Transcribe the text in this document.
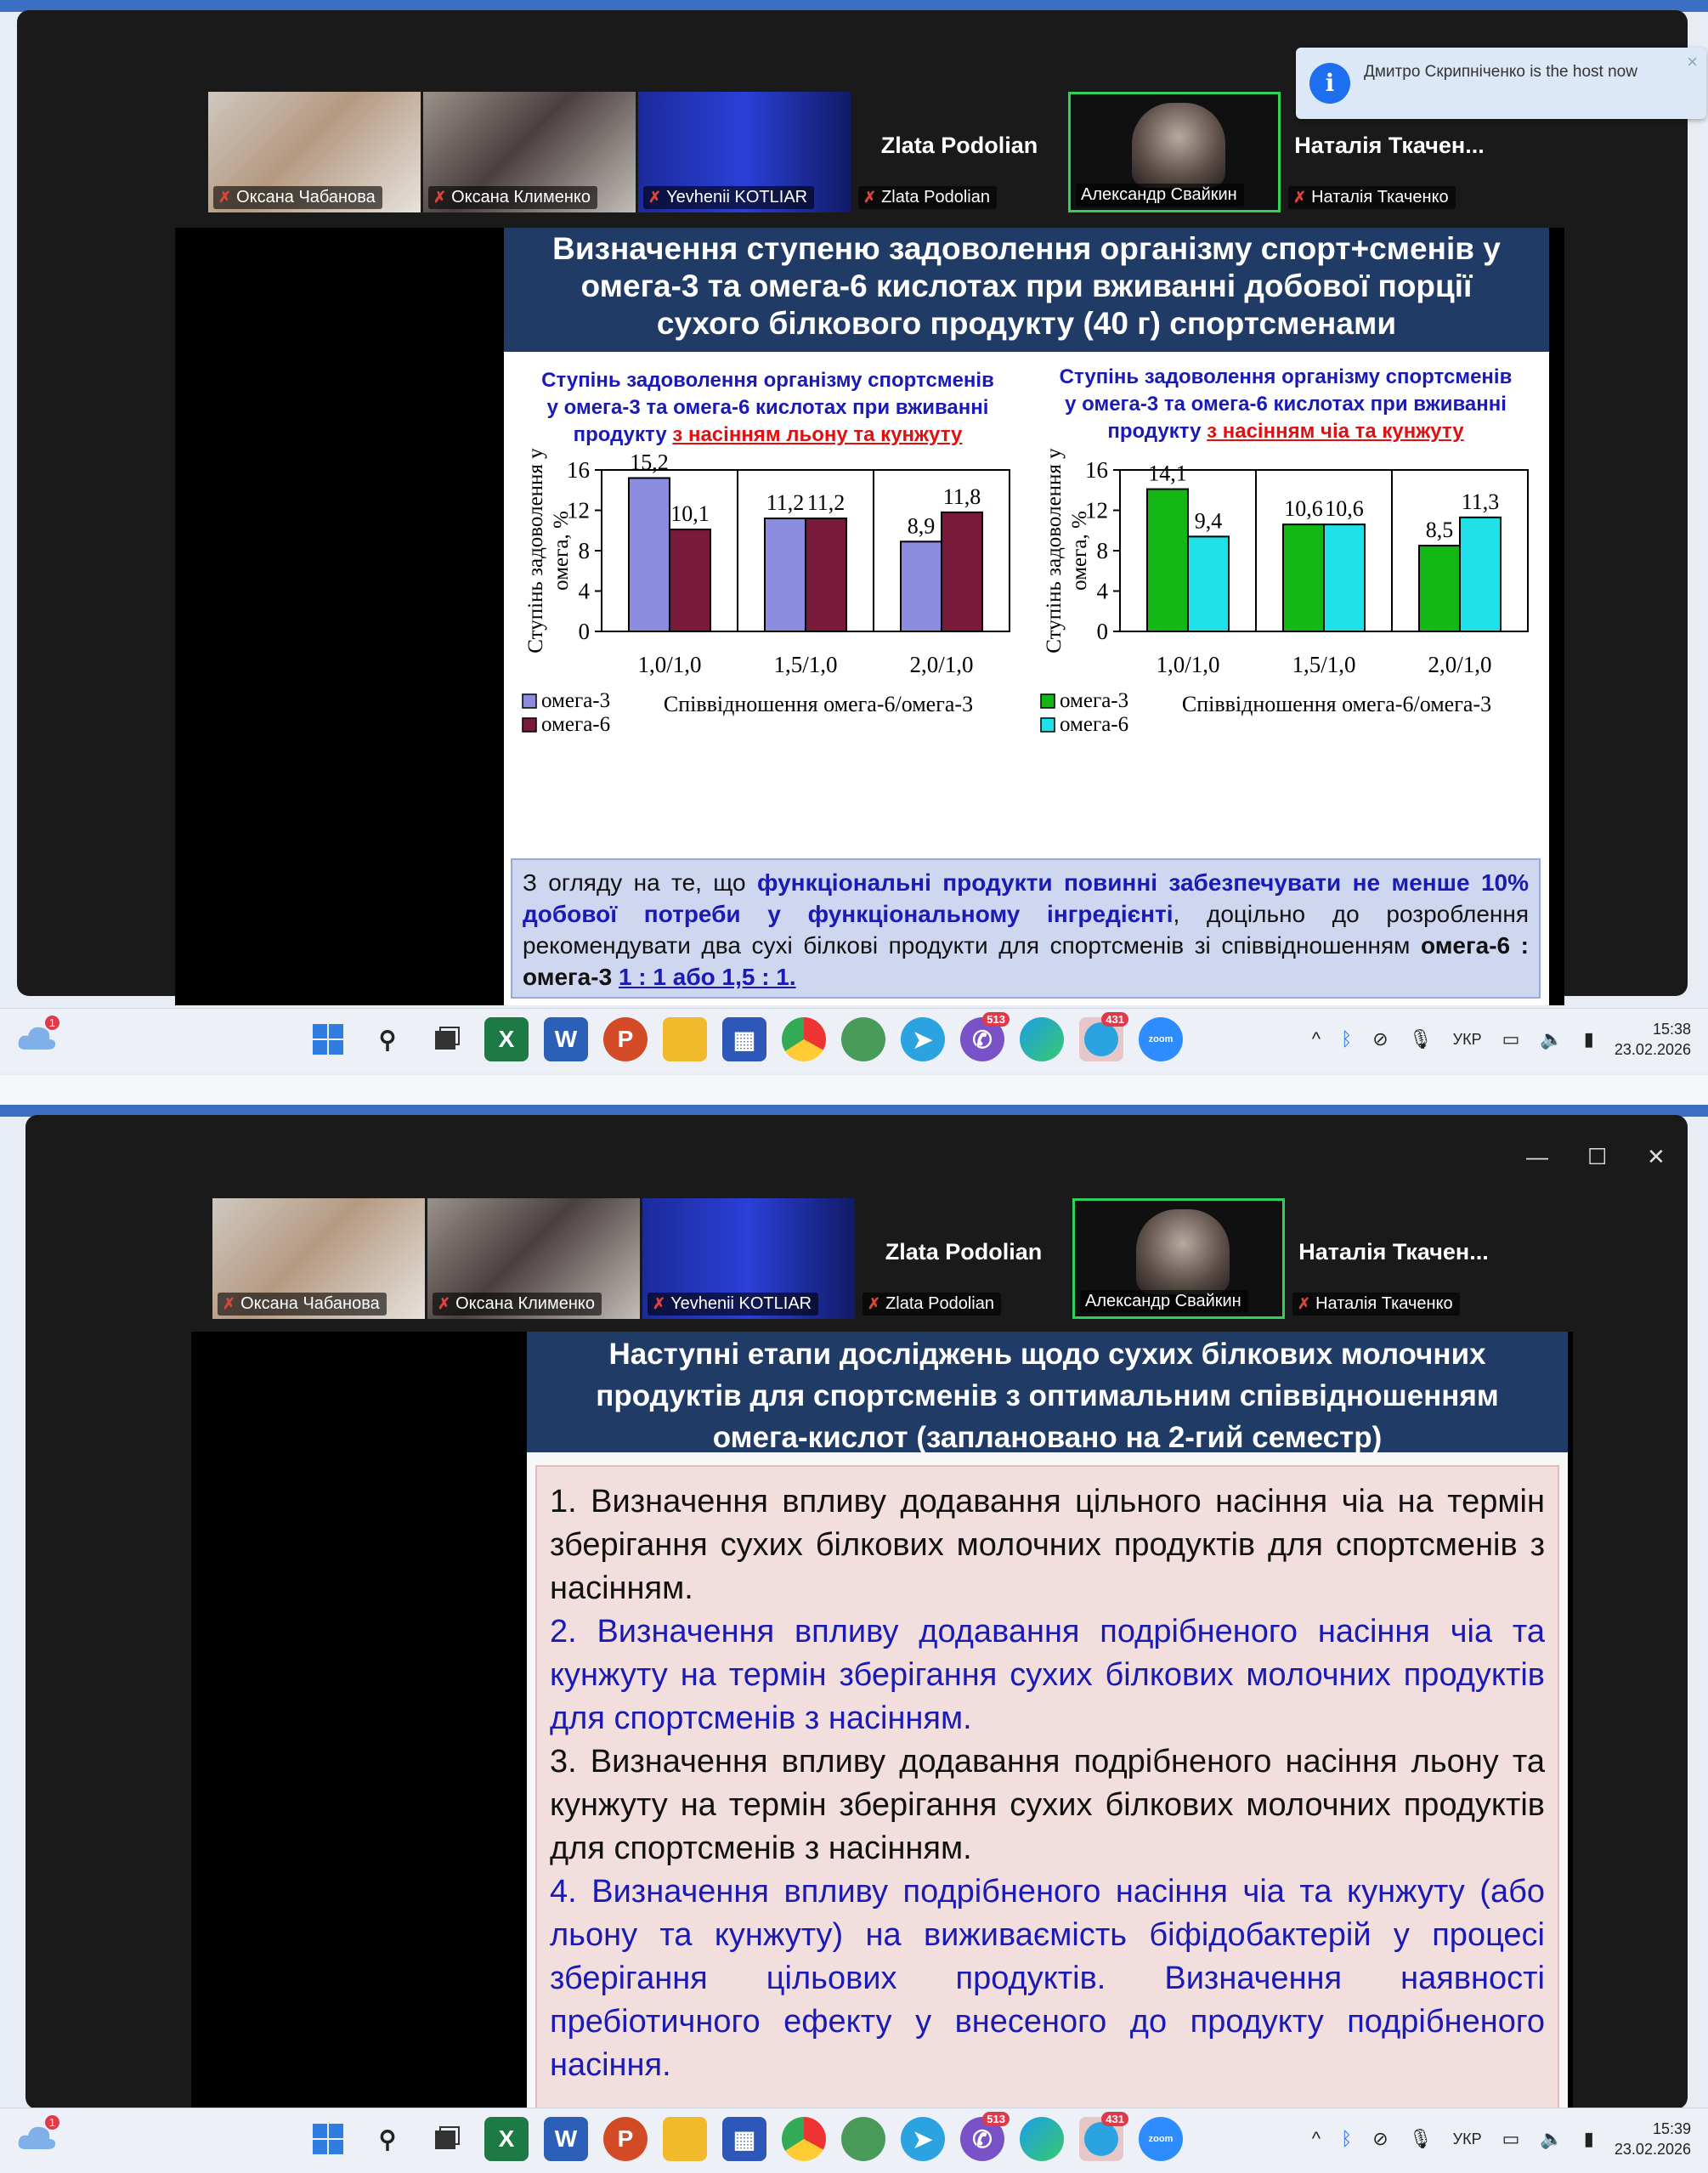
✗ Оксана Чабанова	✗ Оксана Клименко	✗ Yevhenii KOTLIAR
Zlata Podolian
✗ Zlata Podolian	Александр Свайкин
Наталія Ткачен...
✗ Наталія Ткаченко
Визначення ступеню задоволення організму спорт+сменів у
омега-3 та омега-6 кислотах при вживанні добової порції
сухого білкового продукту (40 г) спортсменами
Ступінь задоволення організму спортсменів
у омега-3 та омега-6 кислотах при вживанні
продукту з насінням льону та кунжуту
Ступінь задоволення організму спортсменів
у омега-3 та омега-6 кислотах при вживанні
продукту з насінням чіа та кунжуту
0
4
8
12
16
1,0/1,0
15,2
10,1
1,5/1,0
11,2 11,2
2,0/1,0
8,9
11,8
Ступінь задоволення у омега, %
Співвідношення омега-6/омега-3
омега-3
омега-6
0
4
8
12
16
1,0/1,0
14,1
9,4
1,5/1,0
10,6 10,6
2,0/1,0
8,5
11,3
Ступінь задоволення у омега, %
Співвідношення омега-6/омега-3
омега-3
омега-6
З огляду на те, що функціональні продукти повинні забезпечувати не менше 10% добової потреби у функціональному інгредієнті, доцільно до розроблення рекомендувати два сухі білкові продукти для спортсменів зі співвідношенням омега-6 : омега-3 1 : 1 або 1,5 : 1.
i	Дмитро Скрипніченко is the host now	×
1
⚲	X	W	P	▦	➤	✆
513	431
zoom	^ ᛒ ⊘ 🎙 УКР ▭ 🔈 ▮	15:38
23.02.2026
— ☐ ✕
✗ Оксана Чабанова	✗ Оксана Клименко	✗ Yevhenii KOTLIAR
Zlata Podolian
✗ Zlata Podolian	Александр Свайкин
Наталія Ткачен...
✗ Наталія Ткаченко
Наступні етапи досліджень щодо сухих білкових молочних
продуктів для спортсменів з оптимальним співвідношенням
омега-кислот (заплановано на 2-гий семестр)

1. Визначення впливу додавання цільного насіння чіа на термін зберігання сухих білкових молочних продуктів для спортсменів з насінням.

2. Визначення впливу додавання подрібненого насіння чіа та кунжуту на термін зберігання сухих білкових молочних продуктів для спортсменів з насінням.

3. Визначення впливу додавання подрібненого насіння льону та кунжуту на термін зберігання сухих білкових молочних продуктів для спортсменів з насінням.

4. Визначення впливу подрібненого насіння чіа та кунжуту (або льону та кунжуту) на виживаємість біфідобактерій у процесі зберігання цільових продуктів. Визначення наявності пребіотичного ефекту у внесеного до продукту подрібненого насіння.

1
⚲	X	W	P	▦	➤	✆
513	431
zoom	^ ᛒ ⊘ 🎙 УКР ▭ 🔈 ▮	15:39
23.02.2026
